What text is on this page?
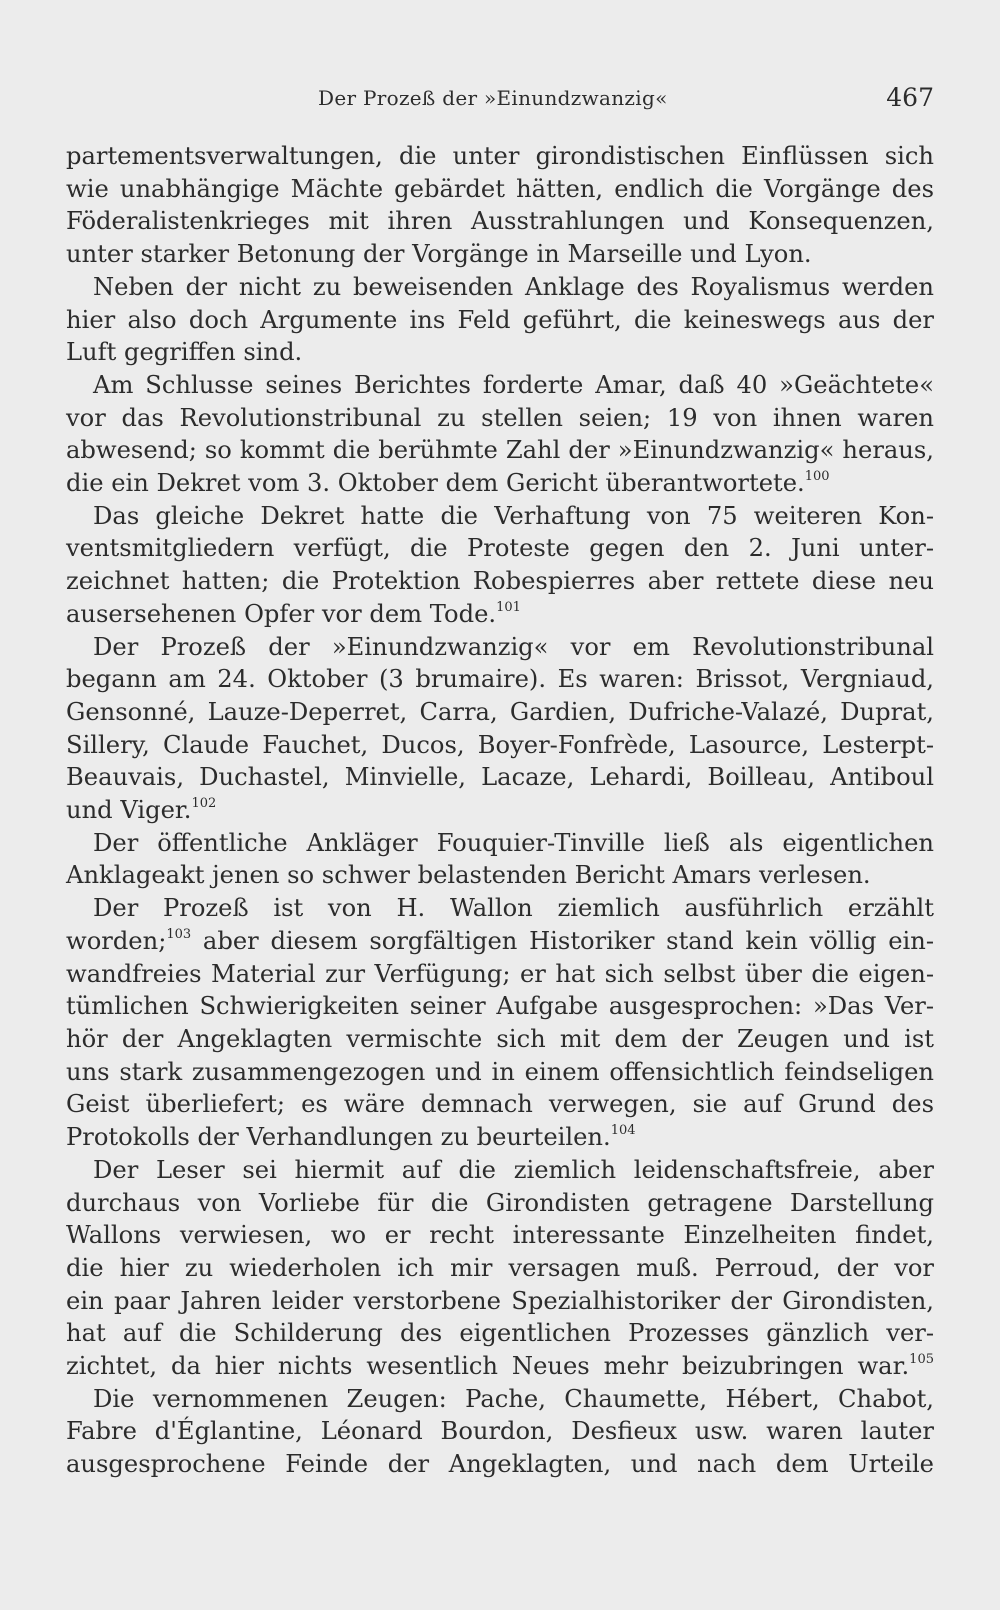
Der Prozeß der »Einundzwanzig«	467
partementsverwaltungen, die unter girondistischen Einflüssen sich
wie unabhängige Mächte gebärdet hätten, endlich die Vorgänge des
Föderalistenkrieges mit ihren Ausstrahlungen und Konsequenzen,
unter starker Betonung der Vorgänge in Marseille und Lyon.
Neben der nicht zu beweisenden Anklage des Royalismus werden
hier also doch Argumente ins Feld geführt, die keineswegs aus der
Luft gegriffen sind.
Am Schlusse seines Berichtes forderte Amar, daß 40 »Geächtete«
vor das Revolutionstribunal zu stellen seien; 19 von ihnen waren
abwesend; so kommt die berühmte Zahl der »Einundzwanzig« heraus,
die ein Dekret vom 3. Oktober dem Gericht überantwortete.$^{100}$
Das gleiche Dekret hatte die Verhaftung von 75 weiteren Kon-
ventsmitgliedern verfügt, die Proteste gegen den 2. Juni unter-
zeichnet hatten; die Protektion Robespierres aber rettete diese neu
ausersehenen Opfer vor dem Tode.$^{101}$
Der Prozeß der »Einundzwanzig« vor em Revolutionstribunal
begann am 24. Oktober (3 brumaire). Es waren: Brissot, Vergniaud,
Gensonné, Lauze-Deperret, Carra, Gardien, Dufriche-Valazé, Duprat,
Sillery, Claude Fauchet, Ducos, Boyer-Fonfrède, Lasource, Lesterpt-
Beauvais, Duchastel, Minvielle, Lacaze, Lehardi, Boilleau, Antiboul
und Viger.$^{102}$
Der öffentliche Ankläger Fouquier-Tinville ließ als eigentlichen
Anklageakt jenen so schwer belastenden Bericht Amars verlesen.
Der Prozeß ist von H. Wallon ziemlich ausführlich erzählt
worden;$^{103}$ aber diesem sorgfältigen Historiker stand kein völlig ein-
wandfreies Material zur Verfügung; er hat sich selbst über die eigen-
tümlichen Schwierigkeiten seiner Aufgabe ausgesprochen: »Das Ver-
hör der Angeklagten vermischte sich mit dem der Zeugen und ist
uns stark zusammengezogen und in einem offensichtlich feindseligen
Geist überliefert; es wäre demnach verwegen, sie auf Grund des
Protokolls der Verhandlungen zu beurteilen.$^{104}$
Der Leser sei hiermit auf die ziemlich leidenschaftsfreie, aber
durchaus von Vorliebe für die Girondisten getragene Darstellung
Wallons verwiesen, wo er recht interessante Einzelheiten findet,
die hier zu wiederholen ich mir versagen muß. Perroud, der vor
ein paar Jahren leider verstorbene Spezialhistoriker der Girondisten,
hat auf die Schilderung des eigentlichen Prozesses gänzlich ver-
zichtet, da hier nichts wesentlich Neues mehr beizubringen war.$^{105}$
Die vernommenen Zeugen: Pache, Chaumette, Hébert, Chabot,
Fabre d'Églantine, Léonard Bourdon, Desfieux usw. waren lauter
ausgesprochene Feinde der Angeklagten, und nach dem Urteile
